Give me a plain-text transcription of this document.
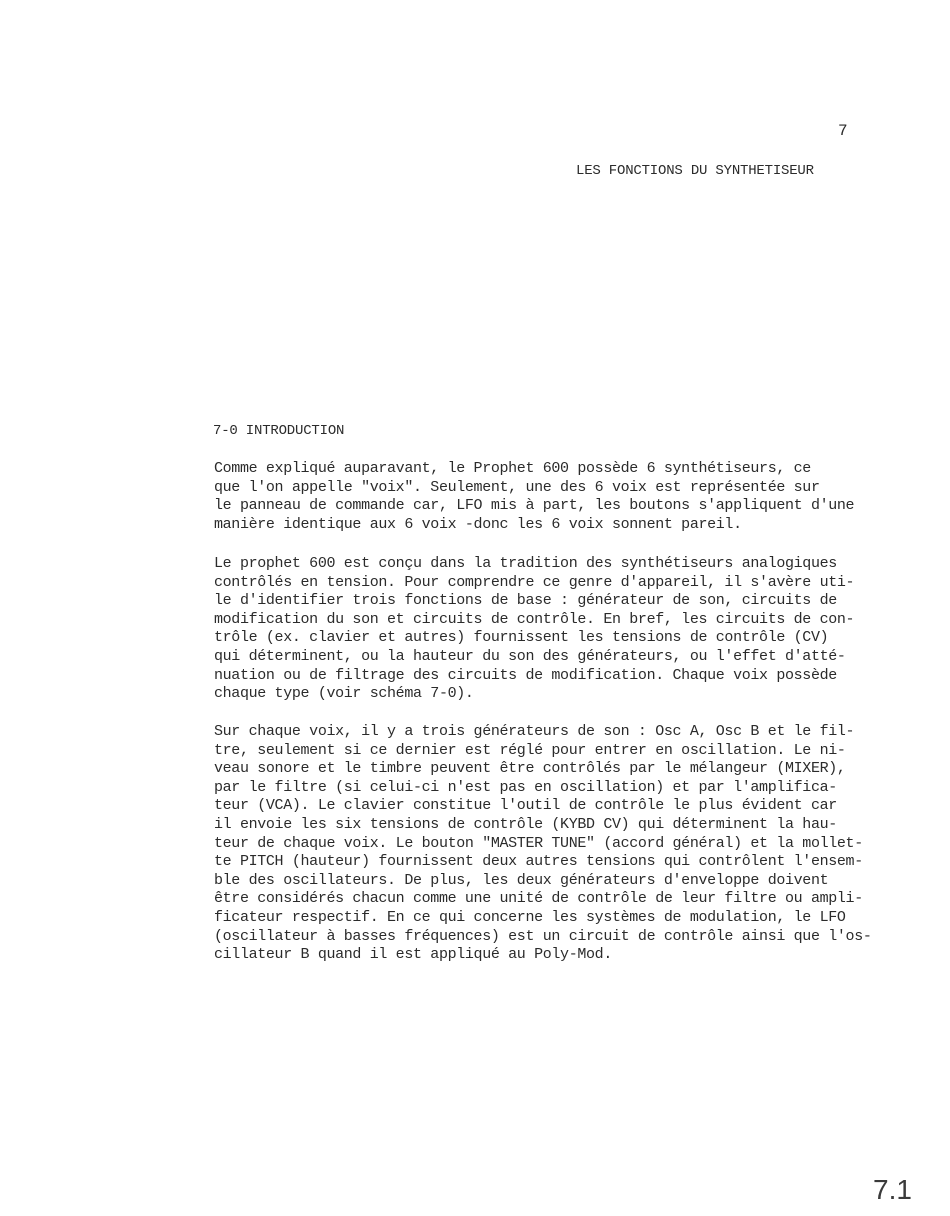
7
LES FONCTIONS DU SYNTHETISEUR
7-0 INTRODUCTION

Comme expliqué auparavant, le Prophet 600 possède 6 synthétiseurs, ce
que l'on appelle "voix". Seulement, une des 6 voix est représentée sur
le panneau de commande car, LFO mis à part, les boutons s'appliquent d'une
manière identique aux 6 voix -donc les 6 voix sonnent pareil.

Le prophet 600 est conçu dans la tradition des synthétiseurs analogiques
contrôlés en tension. Pour comprendre ce genre d'appareil, il s'avère uti-
le d'identifier trois fonctions de base : générateur de son, circuits de
modification du son et circuits de contrôle. En bref, les circuits de con-
trôle (ex. clavier et autres) fournissent les tensions de contrôle (CV)
qui déterminent, ou la hauteur du son des générateurs, ou l'effet d'atté-
nuation ou de filtrage des circuits de modification. Chaque voix possède
chaque type (voir schéma 7-0).

Sur chaque voix, il y a trois générateurs de son : Osc A, Osc B et le fil-
tre, seulement si ce dernier est réglé pour entrer en oscillation. Le ni-
veau sonore et le timbre peuvent être contrôlés par le mélangeur (MIXER),
par le filtre (si celui-ci n'est pas en oscillation) et par l'amplifica-
teur (VCA). Le clavier constitue l'outil de contrôle le plus évident car
il envoie les six tensions de contrôle (KYBD CV) qui déterminent la hau-
teur de chaque voix. Le bouton "MASTER TUNE" (accord général) et la mollet-
te PITCH (hauteur) fournissent deux autres tensions qui contrôlent l'ensem-
ble des oscillateurs. De plus, les deux générateurs d'enveloppe doivent
être considérés chacun comme une unité de contrôle de leur filtre ou ampli-
ficateur respectif. En ce qui concerne les systèmes de modulation, le LFO
(oscillateur à basses fréquences) est un circuit de contrôle ainsi que l'os-
cillateur B quand il est appliqué au Poly-Mod.

7.1
